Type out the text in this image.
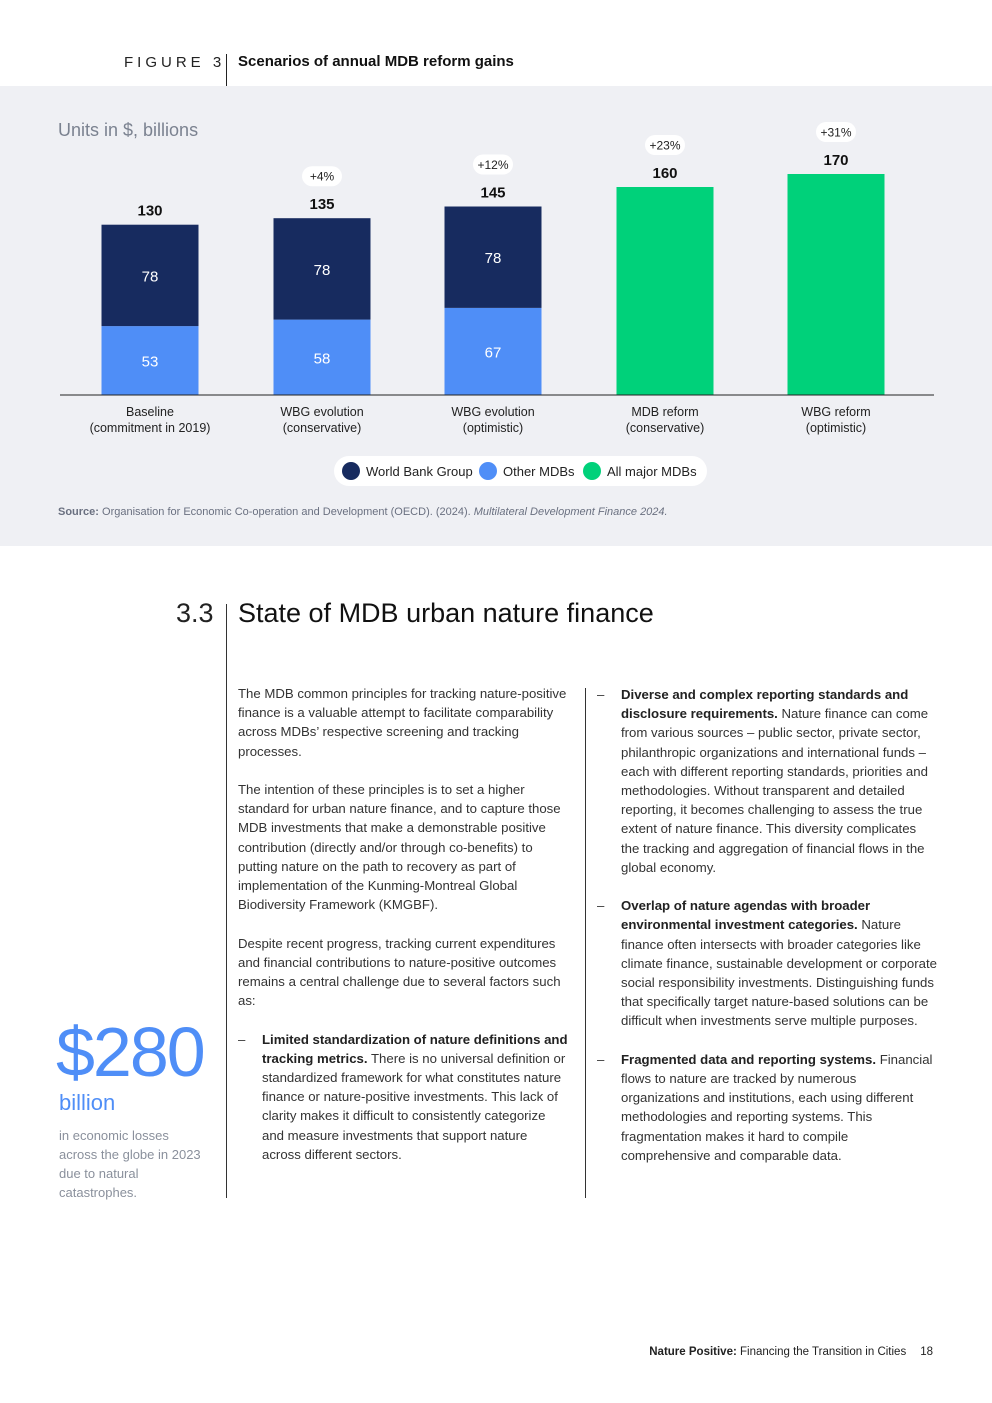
FIGURE 3 Scenarios of annual MDB reform gains
Units in $, billions
53
78
130
Baseline
(commitment in 2019)
58
78
135
+4%
WBG evolution
(conservative)
67
78
145
+12%
WBG evolution
(optimistic)
160
+23%
MDB reform
(conservative)
170
+31%
WBG reform
(optimistic)
World Bank Group Other MDBs All major MDBs
Source: Organisation for Economic Co-operation and Development (OECD). (2024). Multilateral Development Finance 2024.
3.3 State of MDB urban nature finance
$280
billion
in economic losses across the globe in 2023 due to natural catastrophes.

The MDB common principles for tracking nature-positive finance is a valuable attempt to facilitate comparability across MDBs’ respective screening and tracking processes.

The intention of these principles is to set a higher standard for urban nature finance, and to capture those MDB investments that make a demonstrable positive contribution (directly and/or through co-benefits) to putting nature on the path to recovery as part of implementation of the Kunming-Montreal Global Biodiversity Framework (KMGBF).

Despite recent progress, tracking current expenditures and financial contributions to nature-positive outcomes remains a central challenge due to several factors such as:

– Limited standardization of nature definitions and tracking metrics. There is no universal definition or standardized framework for what constitutes nature finance or nature-positive investments. This lack of clarity makes it difficult to consistently categorize and measure investments that support nature across different sectors.
– Diverse and complex reporting standards and disclosure requirements. Nature finance can come from various sources – public sector, private sector, philanthropic organizations and international funds – each with different reporting standards, priorities and methodologies. Without transparent and detailed reporting, it becomes challenging to assess the true extent of nature finance. This diversity complicates the tracking and aggregation of financial flows in the global economy.
– Overlap of nature agendas with broader environmental investment categories. Nature finance often intersects with broader categories like climate finance, sustainable development or corporate social responsibility investments. Distinguishing funds that specifically target nature-based solutions can be difficult when investments serve multiple purposes.
– Fragmented data and reporting systems. Financial flows to nature are tracked by numerous organizations and institutions, each using different methodologies and reporting systems. This fragmentation makes it hard to compile comprehensive and comparable data.
Nature Positive: Financing the Transition in Cities 18
